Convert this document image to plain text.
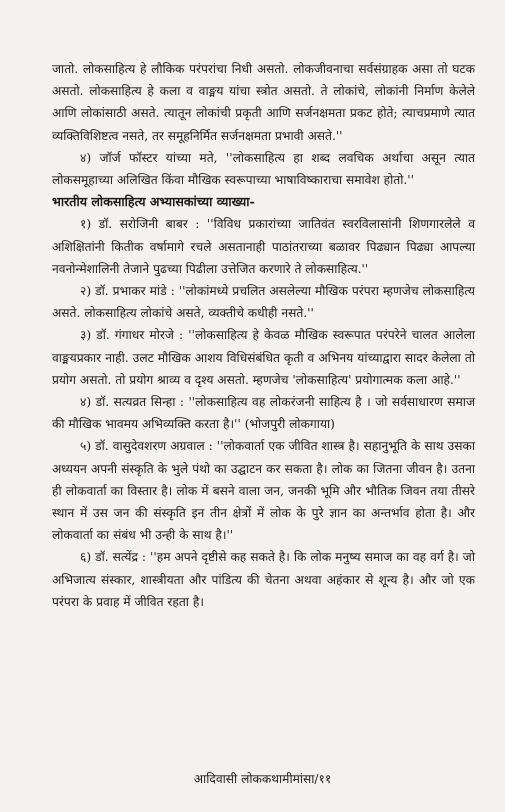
जातो. लोकसाहित्य हे लौकिक परंपरांचा निधी असतो. लोकजीवनाचा सर्वसंग्राहक असा तो घटक असतो. लोकसाहित्य हे कला व वाङ्मय यांचा स्त्रोत असतो. ते लोकांचे, लोकांनी निर्माण केलेले आणि लोकांसाठी असते. त्यातून लोकांची प्रकृती आणि सर्जनक्षमता प्रकट होते; त्याचप्रमाणे त्यात व्यक्तिविशिष्टत्व नसते, तर समूहनिर्मित सर्जनक्षमता प्रभावी असते.''

४) जॉर्ज फॉस्टर यांच्या मते, ''लोकसाहित्य हा शब्द लवचिक अर्थाचा असून त्यात लोकसमूहाच्या अलिखित किंवा मौखिक स्वरूपाच्या भाषाविष्काराचा समावेश होतो.''

भारतीय लोकसाहित्य अभ्यासकांच्या व्याख्या-

१) डॉ. सरोजिनी बाबर : ''विविध प्रकारांच्या जातिवंत स्वरविलासांनी शिणगारलेले व अशिक्षितांनी कितीक वर्षामागे रचले असतानाही पाठांतराच्या बळावर पिढ्यान पिढ्या आपल्या नवनोन्मेशालिनी तेजाने पुढच्या पिढीला उत्तेजित करणारे ते लोकसाहित्य.''

२) डॉ. प्रभाकर मांडे : ''लोकांमध्ये प्रचलित असलेल्या मौखिक परंपरा म्हणजेच लोकसाहित्य असते. लोकसाहित्य लोकांचे असते, व्यक्तीचे कधीही नसते.''

३) डॉ. गंगाधर मोरजे : ''लोकसाहित्य हे केवळ मौखिक स्वरूपात परंपरेने चालत आलेला वाङ्मयप्रकार नाही. उलट मौखिक आशय विधिसंबंधित कृती व अभिनय यांच्याद्वारा सादर केलेला तो प्रयोग असतो. तो प्रयोग श्राव्य व दृश्य असतो. म्हणजेच 'लोकसाहित्य' प्रयोगात्मक कला आहे.''

४) डॉ. सत्यव्रत सिन्हा : ''लोकसाहित्य वह लोकरंजनी साहित्य है । जो सर्वसाधारण समाज की मौखिक भावमय अभिव्यक्ति करता है।'' (भोजपुरी लोकगाया)

५) डॉ. वासुदेवशरण अग्रवाल : ''लोकवार्ता एक जीवित शास्त्र है। सहानुभूति के साथ उसका अध्ययन अपनी संस्कृति के भुले पंथो का उद्घाटन कर सकता है। लोक का जितना जीवन है। उतना ही लोकवार्ता का विस्तार है। लोक में बसने वाला जन, जनकी भूमि और भौतिक जिवन तया तीसरे स्थान में उस जन की संस्कृति इन तीन क्षेत्रों में लोक के पुरे ज्ञान का अन्तर्भाव होता है। और लोकवार्ता का संबंध भी उन्ही के साथ है।''

६) डॉ. सत्येंद्र : ''हम अपने दृष्टीसे कह सकते है। कि लोक मनुष्य समाज का वह वर्ग है। जो अभिजात्य संस्कार, शास्त्रीयता और पांडित्य की चेतना अथवा अहंकार से शून्य है। और जो एक परंपरा के प्रवाह में जीवित रहता है।

आदिवासी लोककथामीमांसा/११
